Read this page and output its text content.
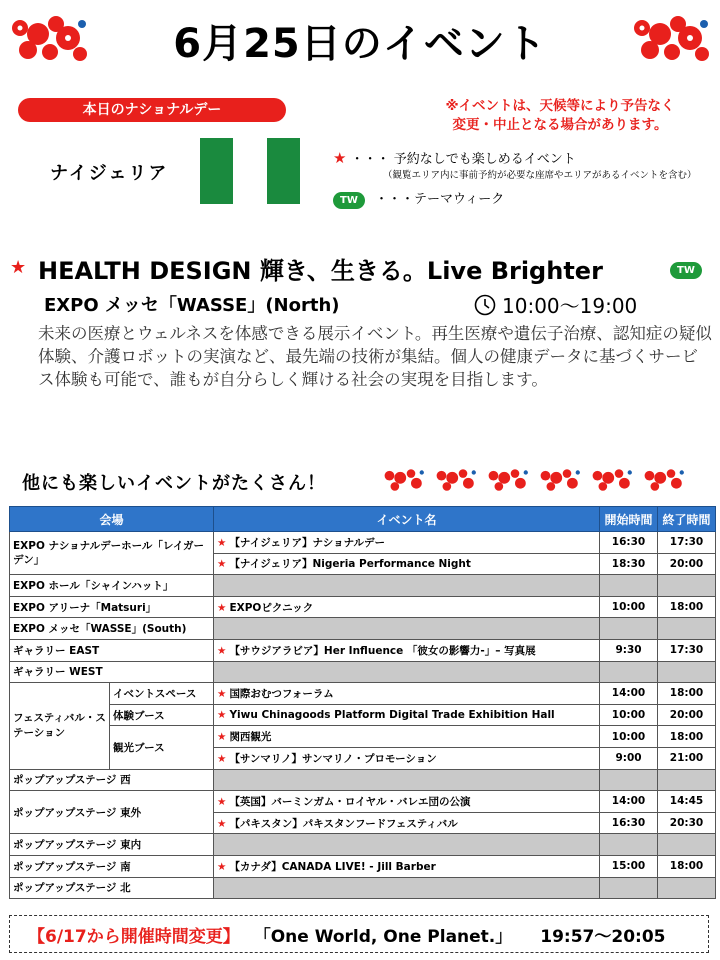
6月25日のイベント
本日のナショナルデー
ナイジェリア
※イベントは、天候等により予告なく
変更・中止となる場合があります。
★ ・・・ 予約なしでも楽しめるイベント
（観覧エリア内に事前予約が必要な座席やエリアがあるイベントを含む）
TW ・・・テーマウィーク
★ HEALTH DESIGN 輝き、生きる。Live Brighter	TW
EXPO メッセ「WASSE」(North)	10:00〜19:00
未来の医療とウェルネスを体感できる展示イベント。再生医療や遺伝子治療、認知症の疑似体験、介護ロボットの実演など、最先端の技術が集結。個人の健康データに基づくサービス体験も可能で、誰もが自分らしく輝ける社会の実現を目指します。
他にも楽しいイベントがたくさん！
会場		イベント名	開始時間	終了時間
EXPO ナショナルデーホール「レイガーデン」		★ 【ナイジェリア】ナショナルデー	16:30	17:30
		★ 【ナイジェリア】Nigeria Performance Night	18:30	20:00
EXPO ホール「シャインハット」				
EXPO アリーナ「Matsuri」		★ EXPOピクニック	10:00	18:00
EXPO メッセ「WASSE」(South)				
ギャラリー EAST		★ 【サウジアラビア】Her Influence 「彼女の影響力-」– 写真展	9:30	17:30
ギャラリー WEST				
フェスティバル・ステーション	イベントスペース	★ 国際おむつフォーラム	14:00	18:00
	体験ブース	★ Yiwu Chinagoods Platform Digital Trade Exhibition Hall	10:00	20:00
	観光ブース	★ 関西観光	10:00	18:00
		★ 【サンマリノ】サンマリノ・プロモーション	9:00	21:00
ポップアップステージ 西				
ポップアップステージ 東外		★ 【英国】バーミンガム・ロイヤル・バレエ団の公演	14:00	14:45
		★ 【パキスタン】パキスタンフードフェスティバル	16:30	20:30
ポップアップステージ 東内				
ポップアップステージ 南		★ 【カナダ】CANADA LIVE! - Jill Barber	15:00	18:00
ポップアップステージ 北				
【6/17から開催時間変更】 「One World, One Planet.」 19:57〜20:05
